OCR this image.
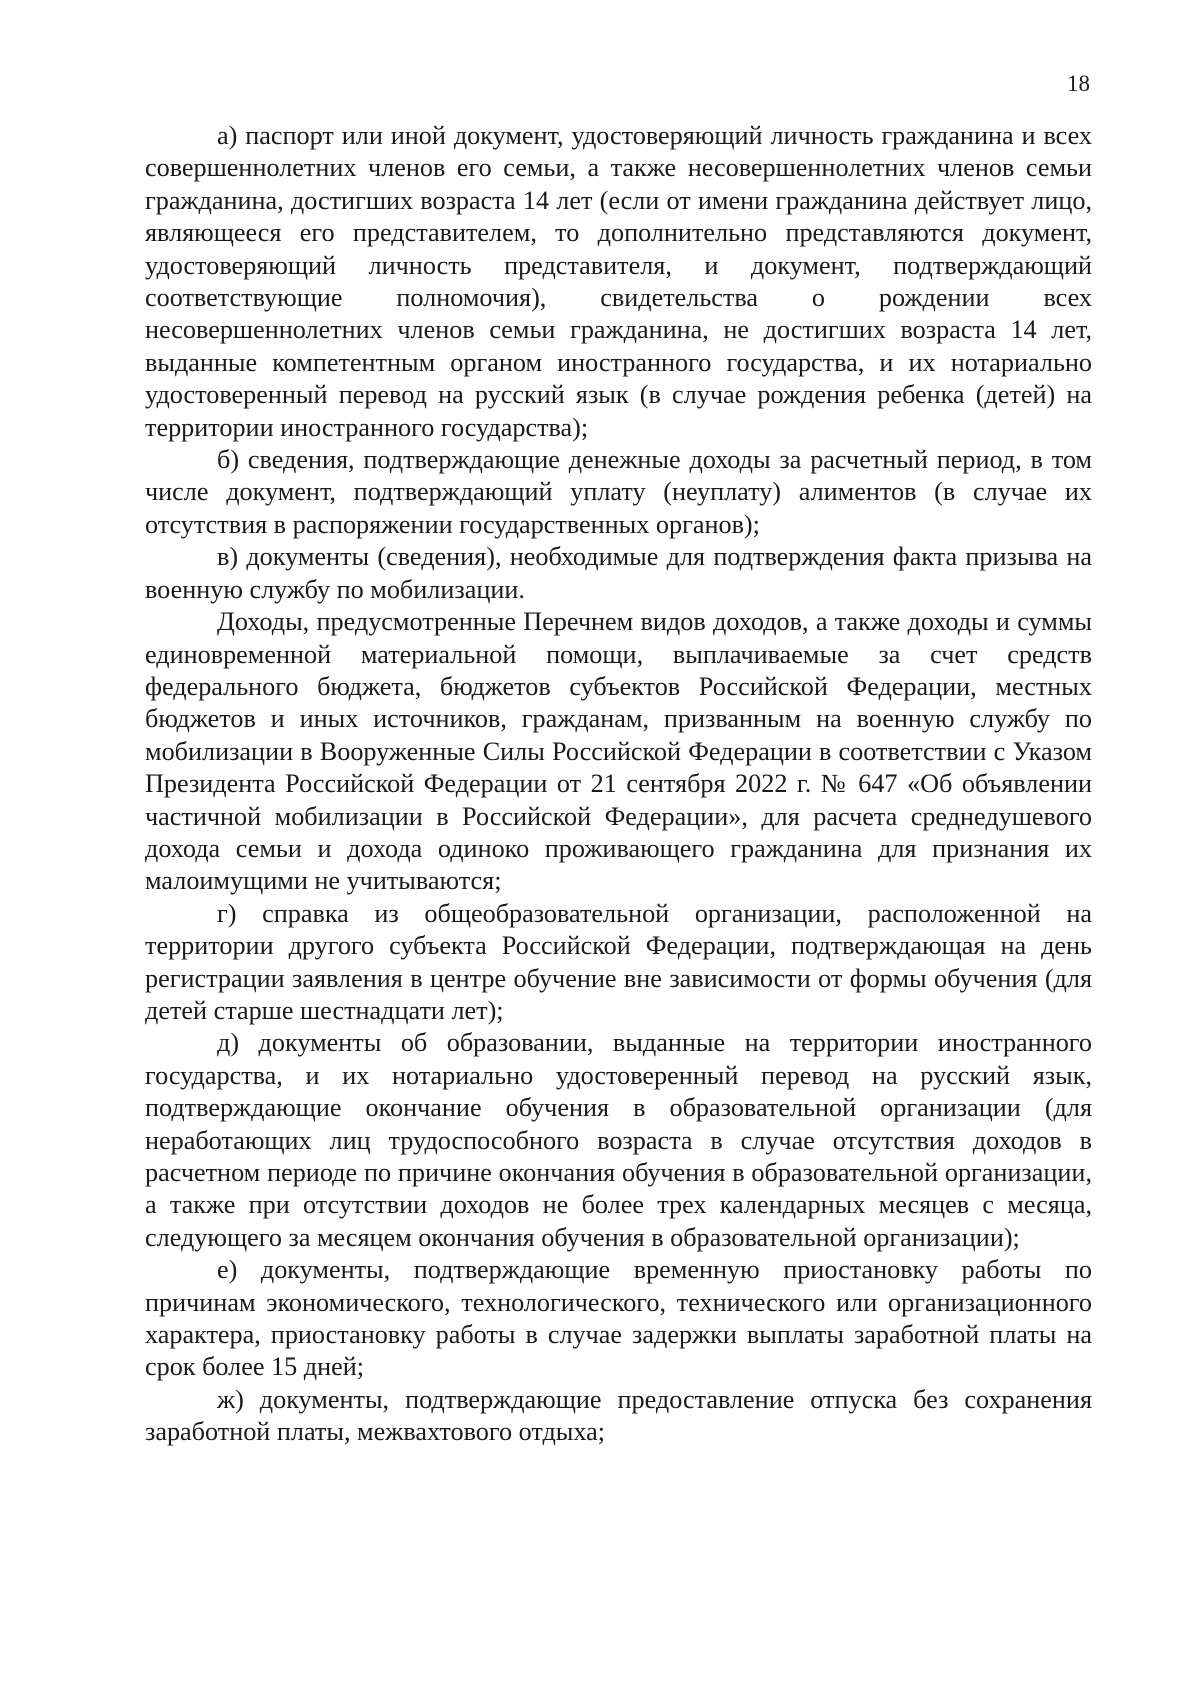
18

а) паспорт или иной документ, удостоверяющий личность гражданина и всех совершеннолетних членов его семьи, а также несовершеннолетних членов семьи гражданина, достигших возраста 14 лет (если от имени гражданина действует лицо, являющееся его представителем, то дополнительно представляются документ, удостоверяющий личность представителя, и документ, подтверждающий соответствующие полномочия), свидетельства о рождении всех несовершеннолетних членов семьи гражданина, не достигших возраста 14 лет, выданные компетентным органом иностранного государства, и их нотариально удостоверенный перевод на русский язык (в случае рождения ребенка (детей) на территории иностранного государства);

б) сведения, подтверждающие денежные доходы за расчетный период, в том числе документ, подтверждающий уплату (неуплату) алиментов (в случае их отсутствия в распоряжении государственных органов);

в) документы (сведения), необходимые для подтверждения факта призыва на военную службу по мобилизации.

Доходы, предусмотренные Перечнем видов доходов, а также доходы и суммы единовременной материальной помощи, выплачиваемые за счет средств федерального бюджета, бюджетов субъектов Российской Федерации, местных бюджетов и иных источников, гражданам, призванным на военную службу по мобилизации в Вооруженные Силы Российской Федерации в соответствии с Указом Президента Российской Федерации от 21 сентября 2022 г. № 647 «Об объявлении частичной мобилизации в Российской Федерации», для расчета среднедушевого дохода семьи и дохода одиноко проживающего гражданина для признания их малоимущими не учитываются;

г) справка из общеобразовательной организации, расположенной на территории другого субъекта Российской Федерации, подтверждающая на день регистрации заявления в центре обучение вне зависимости от формы обучения (для детей старше шестнадцати лет);

д) документы об образовании, выданные на территории иностранного государства, и их нотариально удостоверенный перевод на русский язык, подтверждающие окончание обучения в образовательной организации (для неработающих лиц трудоспособного возраста в случае отсутствия доходов в расчетном периоде по причине окончания обучения в образовательной организации, а также при отсутствии доходов не более трех календарных месяцев с месяца, следующего за месяцем окончания обучения в образовательной организации);

е) документы, подтверждающие временную приостановку работы по причинам экономического, технологического, технического или организационного характера, приостановку работы в случае задержки выплаты заработной платы на срок более 15 дней;

ж) документы, подтверждающие предоставление отпуска без сохранения заработной платы, межвахтового отдыха;
